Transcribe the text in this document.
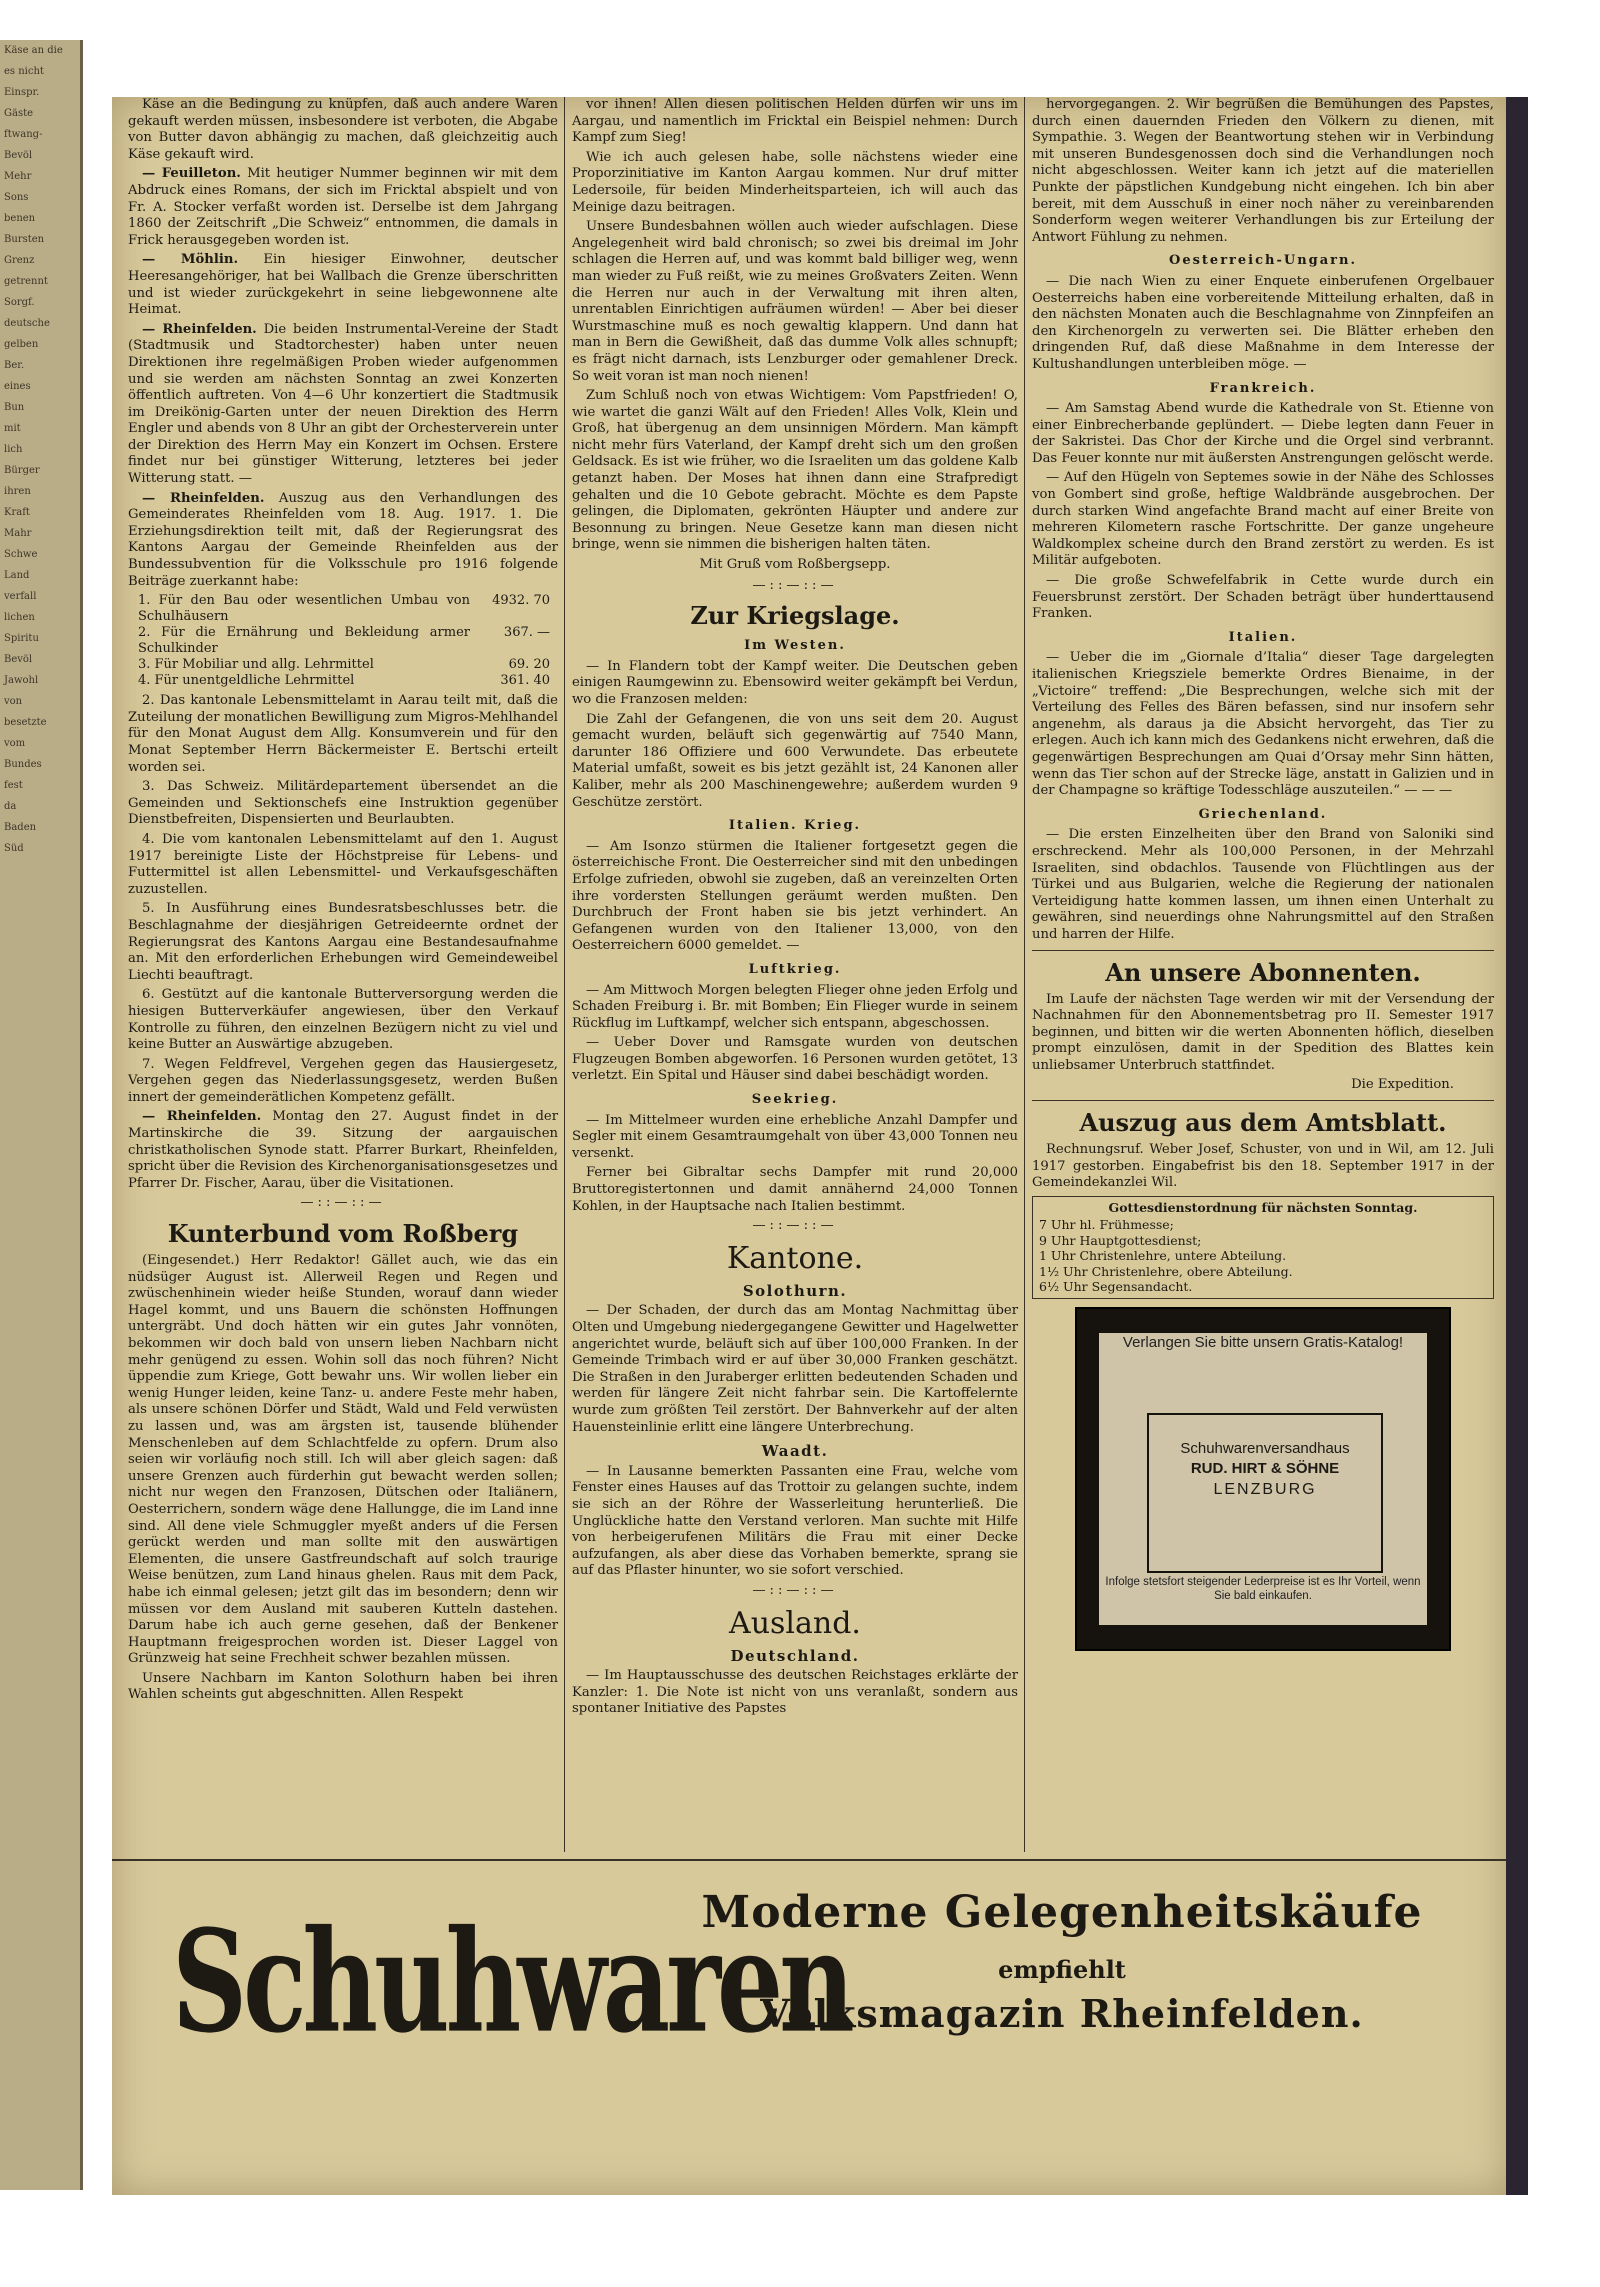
Käse an die
es nicht
Einspr.
Gäste
ftwang-
Bevöl
Mehr
Sons
benen
Bursten
Grenz
getrennt
Sorgf.
deutsche
gelben
Ber.
eines
Bun
mit
lich
Bürger
ihren
Kraft
Mahr
Schwe
Land
verfall
lichen
Spiritu
Bevöl
Jawohl
von
besetzte
vom
Bundes
fest
da
Baden
Süd

Käse an die Bedingung zu knüpfen, daß auch andere Waren gekauft werden müssen, insbesondere ist verboten, die Abgabe von Butter davon abhängig zu machen, daß gleichzeitig auch Käse gekauft wird.

— Feuilleton. Mit heutiger Nummer beginnen wir mit dem Abdruck eines Romans, der sich im Fricktal abspielt und von Fr. A. Stocker verfaßt worden ist. Derselbe ist dem Jahrgang 1860 der Zeitschrift „Die Schweiz“ entnommen, die damals in Frick herausgegeben worden ist.

— Möhlin. Ein hiesiger Einwohner, deutscher Heeresangehöriger, hat bei Wallbach die Grenze überschritten und ist wieder zurückgekehrt in seine liebgewonnene alte Heimat.

— Rheinfelden. Die beiden Instrumental-Vereine der Stadt (Stadtmusik und Stadtorchester) haben unter neuen Direktionen ihre regelmäßigen Proben wieder aufgenommen und sie werden am nächsten Sonntag an zwei Konzerten öffentlich auftreten. Von 4—6 Uhr konzertiert die Stadtmusik im Dreikönig-Garten unter der neuen Direktion des Herrn Engler und abends von 8 Uhr an gibt der Orchesterverein unter der Direktion des Herrn May ein Konzert im Ochsen. Erstere findet nur bei günstiger Witterung, letzteres bei jeder Witterung statt. —

— Rheinfelden. Auszug aus den Verhandlungen des Gemeinderates Rheinfelden vom 18. Aug. 1917. 1. Die Erziehungsdirektion teilt mit, daß der Regierungsrat des Kantons Aargau der Gemeinde Rheinfelden aus der Bundessubvention für die Volksschule pro 1916 folgende Beiträge zuerkannt habe:

1. Für den Bau oder wesentlichen Umbau von Schulhäusern	4932. 70
2. Für die Ernährung und Bekleidung armer Schulkinder	367. —
3. Für Mobiliar und allg. Lehrmittel	69. 20
4. Für unentgeldliche Lehrmittel	361. 40

2. Das kantonale Lebensmittelamt in Aarau teilt mit, daß die Zuteilung der monatlichen Bewilligung zum Migros-Mehlhandel für den Monat August dem Allg. Konsumverein und für den Monat September Herrn Bäckermeister E. Bertschi erteilt worden sei.

3. Das Schweiz. Militärdepartement übersendet an die Gemeinden und Sektionschefs eine Instruktion gegenüber Dienstbefreiten, Dispensierten und Beurlaubten.

4. Die vom kantonalen Lebensmittelamt auf den 1. August 1917 bereinigte Liste der Höchstpreise für Lebens- und Futtermittel ist allen Lebensmittel- und Verkaufsgeschäften zuzustellen.

5. In Ausführung eines Bundesratsbeschlusses betr. die Beschlagnahme der diesjährigen Getreideernte ordnet der Regierungsrat des Kantons Aargau eine Bestandesaufnahme an. Mit den erforderlichen Erhebungen wird Gemeindeweibel Liechti beauftragt.

6. Gestützt auf die kantonale Butterversorgung werden die hiesigen Butterverkäufer angewiesen, über den Verkauf Kontrolle zu führen, den einzelnen Bezügern nicht zu viel und keine Butter an Auswärtige abzugeben.

7. Wegen Feldfrevel, Vergehen gegen das Hausiergesetz, Vergehen gegen das Niederlassungsgesetz, werden Bußen innert der gemeinderätlichen Kompetenz gefällt.

— Rheinfelden. Montag den 27. August findet in der Martinskirche die 39. Sitzung der aargauischen christkatholischen Synode statt. Pfarrer Burkart, Rheinfelden, spricht über die Revision des Kirchenorganisationsgesetzes und Pfarrer Dr. Fischer, Aarau, über die Visitationen.

—::—::—
Kunterbund vom Roßberg

(Eingesendet.) Herr Redaktor! Gället auch, wie das ein nüdsüger August ist. Allerweil Regen und Regen und zwüschenhinein wieder heiße Stunden, worauf dann wieder Hagel kommt, und uns Bauern die schönsten Hoffnungen untergräbt. Und doch hätten wir ein gutes Jahr vonnöten, bekommen wir doch bald von unsern lieben Nachbarn nicht mehr genügend zu essen. Wohin soll das noch führen? Nicht üppendie zum Kriege, Gott bewahr uns. Wir wollen lieber ein wenig Hunger leiden, keine Tanz- u. andere Feste mehr haben, als unsere schönen Dörfer und Städt, Wald und Feld verwüsten zu lassen und, was am ärgsten ist, tausende blühender Menschenleben auf dem Schlachtfelde zu opfern. Drum also seien wir vorläufig noch still. Ich will aber gleich sagen: daß unsere Grenzen auch fürderhin gut bewacht werden sollen; nicht nur wegen den Franzosen, Dütschen oder Italiänern, Oesterrichern, sondern wäge dene Hallungge, die im Land inne sind. All dene viele Schmuggler myeßt anders uf die Fersen gerückt werden und man sollte mit den auswärtigen Elementen, die unsere Gastfreundschaft auf solch traurige Weise benützen, zum Land hinaus ghelen. Raus mit dem Pack, habe ich einmal gelesen; jetzt gilt das im besondern; denn wir müssen vor dem Ausland mit sauberen Kutteln dastehen. Darum habe ich auch gerne gesehen, daß der Benkener Hauptmann freigesprochen worden ist. Dieser Laggel von Grünzweig hat seine Frechheit schwer bezahlen müssen.

Unsere Nachbarn im Kanton Solothurn haben bei ihren Wahlen scheints gut abgeschnitten. Allen Respekt

vor ihnen! Allen diesen politischen Helden dürfen wir uns im Aargau, und namentlich im Fricktal ein Beispiel nehmen: Durch Kampf zum Sieg!

Wie ich auch gelesen habe, solle nächstens wieder eine Proporzinitiative im Kanton Aargau kommen. Nur druf mitter Ledersoile, für beiden Minderheitsparteien, ich will auch das Meinige dazu beitragen.

Unsere Bundesbahnen wöllen auch wieder aufschlagen. Diese Angelegenheit wird bald chronisch; so zwei bis dreimal im Johr schlagen die Herren auf, und was kommt bald billiger weg, wenn man wieder zu Fuß reißt, wie zu meines Großvaters Zeiten. Wenn die Herren nur auch in der Verwaltung mit ihren alten, unrentablen Einrichtigen aufräumen würden! — Aber bei dieser Wurstmaschine muß es noch gewaltig klappern. Und dann hat man in Bern die Gewißheit, daß das dumme Volk alles schnupft; es frägt nicht darnach, ists Lenzburger oder gemahlener Dreck. So weit voran ist man noch nienen!

Zum Schluß noch von etwas Wichtigem: Vom Papstfrieden! O, wie wartet die ganzi Wält auf den Frieden! Alles Volk, Klein und Groß, hat übergenug an dem unsinnigen Mördern. Man kämpft nicht mehr fürs Vaterland, der Kampf dreht sich um den großen Geldsack. Es ist wie früher, wo die Israeliten um das goldene Kalb getanzt haben. Der Moses hat ihnen dann eine Strafpredigt gehalten und die 10 Gebote gebracht. Möchte es dem Papste gelingen, die Diplomaten, gekrönten Häupter und andere zur Besonnung zu bringen. Neue Gesetze kann man diesen nicht bringe, wenn sie nimmen die bisherigen halten täten.

Mit Gruß vom Roßbergsepp.
—::—::—
Zur Kriegslage.
Im Westen.

— In Flandern tobt der Kampf weiter. Die Deutschen geben einigen Raumgewinn zu. Ebensowird weiter gekämpft bei Verdun, wo die Franzosen melden:

Die Zahl der Gefangenen, die von uns seit dem 20. August gemacht wurden, beläuft sich gegenwärtig auf 7540 Mann, darunter 186 Offiziere und 600 Verwundete. Das erbeutete Material umfaßt, soweit es bis jetzt gezählt ist, 24 Kanonen aller Kaliber, mehr als 200 Maschinengewehre; außerdem wurden 9 Geschütze zerstört.

Italien. Krieg.

— Am Isonzo stürmen die Italiener fortgesetzt gegen die österreichische Front. Die Oesterreicher sind mit den unbedingen Erfolge zufrieden, obwohl sie zugeben, daß an vereinzelten Orten ihre vordersten Stellungen geräumt werden mußten. Den Durchbruch der Front haben sie bis jetzt verhindert. An Gefangenen wurden von den Italiener 13,000, von den Oesterreichern 6000 gemeldet. —

Luftkrieg.

— Am Mittwoch Morgen belegten Flieger ohne jeden Erfolg und Schaden Freiburg i. Br. mit Bomben; Ein Flieger wurde in seinem Rückflug im Luftkampf, welcher sich entspann, abgeschossen.

— Ueber Dover und Ramsgate wurden von deutschen Flugzeugen Bomben abgeworfen. 16 Personen wurden getötet, 13 verletzt. Ein Spital und Häuser sind dabei beschädigt worden.

Seekrieg.

— Im Mittelmeer wurden eine erhebliche Anzahl Dampfer und Segler mit einem Gesamtraumgehalt von über 43,000 Tonnen neu versenkt.

Ferner bei Gibraltar sechs Dampfer mit rund 20,000 Bruttoregistertonnen und damit annähernd 24,000 Tonnen Kohlen, in der Hauptsache nach Italien bestimmt.

—::—::—
Kantone.
Solothurn.

— Der Schaden, der durch das am Montag Nachmittag über Olten und Umgebung niedergegangene Gewitter und Hagelwetter angerichtet wurde, beläuft sich auf über 100,000 Franken. In der Gemeinde Trimbach wird er auf über 30,000 Franken geschätzt. Die Straßen in den Juraberger erlitten bedeutenden Schaden und werden für längere Zeit nicht fahrbar sein. Die Kartoffelernte wurde zum größten Teil zerstört. Der Bahnverkehr auf der alten Hauensteinlinie erlitt eine längere Unterbrechung.

Waadt.

— In Lausanne bemerkten Passanten eine Frau, welche vom Fenster eines Hauses auf das Trottoir zu gelangen suchte, indem sie sich an der Röhre der Wasserleitung herunterließ. Die Unglückliche hatte den Verstand verloren. Man suchte mit Hilfe von herbeigerufenen Militärs die Frau mit einer Decke aufzufangen, als aber diese das Vorhaben bemerkte, sprang sie auf das Pflaster hinunter, wo sie sofort verschied.

—::—::—
Ausland.
Deutschland.

— Im Hauptausschusse des deutschen Reichstages erklärte der Kanzler: 1. Die Note ist nicht von uns veranlaßt, sondern aus spontaner Initiative des Papstes

hervorgegangen. 2. Wir begrüßen die Bemühungen des Papstes, durch einen dauernden Frieden den Völkern zu dienen, mit Sympathie. 3. Wegen der Beantwortung stehen wir in Verbindung mit unseren Bundesgenossen doch sind die Verhandlungen noch nicht abgeschlossen. Weiter kann ich jetzt auf die materiellen Punkte der päpstlichen Kundgebung nicht eingehen. Ich bin aber bereit, mit dem Ausschuß in einer noch näher zu vereinbarenden Sonderform wegen weiterer Verhandlungen bis zur Erteilung der Antwort Fühlung zu nehmen.

Oesterreich-Ungarn.

— Die nach Wien zu einer Enquete einberufenen Orgelbauer Oesterreichs haben eine vorbereitende Mitteilung erhalten, daß in den nächsten Monaten auch die Beschlagnahme von Zinnpfeifen an den Kirchenorgeln zu verwerten sei. Die Blätter erheben den dringenden Ruf, daß diese Maßnahme in dem Interesse der Kultushandlungen unterbleiben möge. —

Frankreich.

— Am Samstag Abend wurde die Kathedrale von St. Etienne von einer Einbrecherbande geplündert. — Diebe legten dann Feuer in der Sakristei. Das Chor der Kirche und die Orgel sind verbrannt. Das Feuer konnte nur mit äußersten Anstrengungen gelöscht werde.

— Auf den Hügeln von Septemes sowie in der Nähe des Schlosses von Gombert sind große, heftige Waldbrände ausgebrochen. Der durch starken Wind angefachte Brand macht auf einer Breite von mehreren Kilometern rasche Fortschritte. Der ganze ungeheure Waldkomplex scheine durch den Brand zerstört zu werden. Es ist Militär aufgeboten.

— Die große Schwefelfabrik in Cette wurde durch ein Feuersbrunst zerstört. Der Schaden beträgt über hunderttausend Franken.

Italien.

— Ueber die im „Giornale d’Italia“ dieser Tage dargelegten italienischen Kriegsziele bemerkte Ordres Bienaime, in der „Victoire“ treffend: „Die Besprechungen, welche sich mit der Verteilung des Felles des Bären befassen, sind nur insofern sehr angenehm, als daraus ja die Absicht hervorgeht, das Tier zu erlegen. Auch ich kann mich des Gedankens nicht erwehren, daß die gegenwärtigen Besprechungen am Quai d’Orsay mehr Sinn hätten, wenn das Tier schon auf der Strecke läge, anstatt in Galizien und in der Champagne so kräftige Todesschläge auszuteilen.“ — — —

Griechenland.

— Die ersten Einzelheiten über den Brand von Saloniki sind erschreckend. Mehr als 100,000 Personen, in der Mehrzahl Israeliten, sind obdachlos. Tausende von Flüchtlingen aus der Türkei und aus Bulgarien, welche die Regierung der nationalen Verteidigung hatte kommen lassen, um ihnen einen Unterhalt zu gewähren, sind neuerdings ohne Nahrungsmittel auf den Straßen und harren der Hilfe.

An unsere Abonnenten.

Im Laufe der nächsten Tage werden wir mit der Versendung der Nachnahmen für den Abonnementsbetrag pro II. Semester 1917 beginnen, und bitten wir die werten Abonnenten höflich, dieselben prompt einzulösen, damit in der Spedition des Blattes kein unliebsamer Unterbruch stattfindet.

Die Expedition.
Auszug aus dem Amtsblatt.

Rechnungsruf. Weber Josef, Schuster, von und in Wil, am 12. Juli 1917 gestorben. Eingabefrist bis den 18. September 1917 in der Gemeindekanzlei Wil.

Gottesdienstordnung für nächsten Sonntag.
7 Uhr hl. Frühmesse;
9 Uhr Hauptgottesdienst;
1 Uhr Christenlehre, untere Abteilung.
1½ Uhr Christenlehre, obere Abteilung.
6½ Uhr Segensandacht.
Verlangen Sie bitte unsern Gratis-Katalog!
Schuhwarenversandhaus
RUD. HIRT & SÖHNE
LENZBURG
Infolge stetsfort steigender Lederpreise ist es Ihr Vorteil, wenn Sie bald einkaufen.
Schuhwaren
Moderne Gelegenheitskäufe
empfiehlt
Volksmagazin Rheinfelden.
